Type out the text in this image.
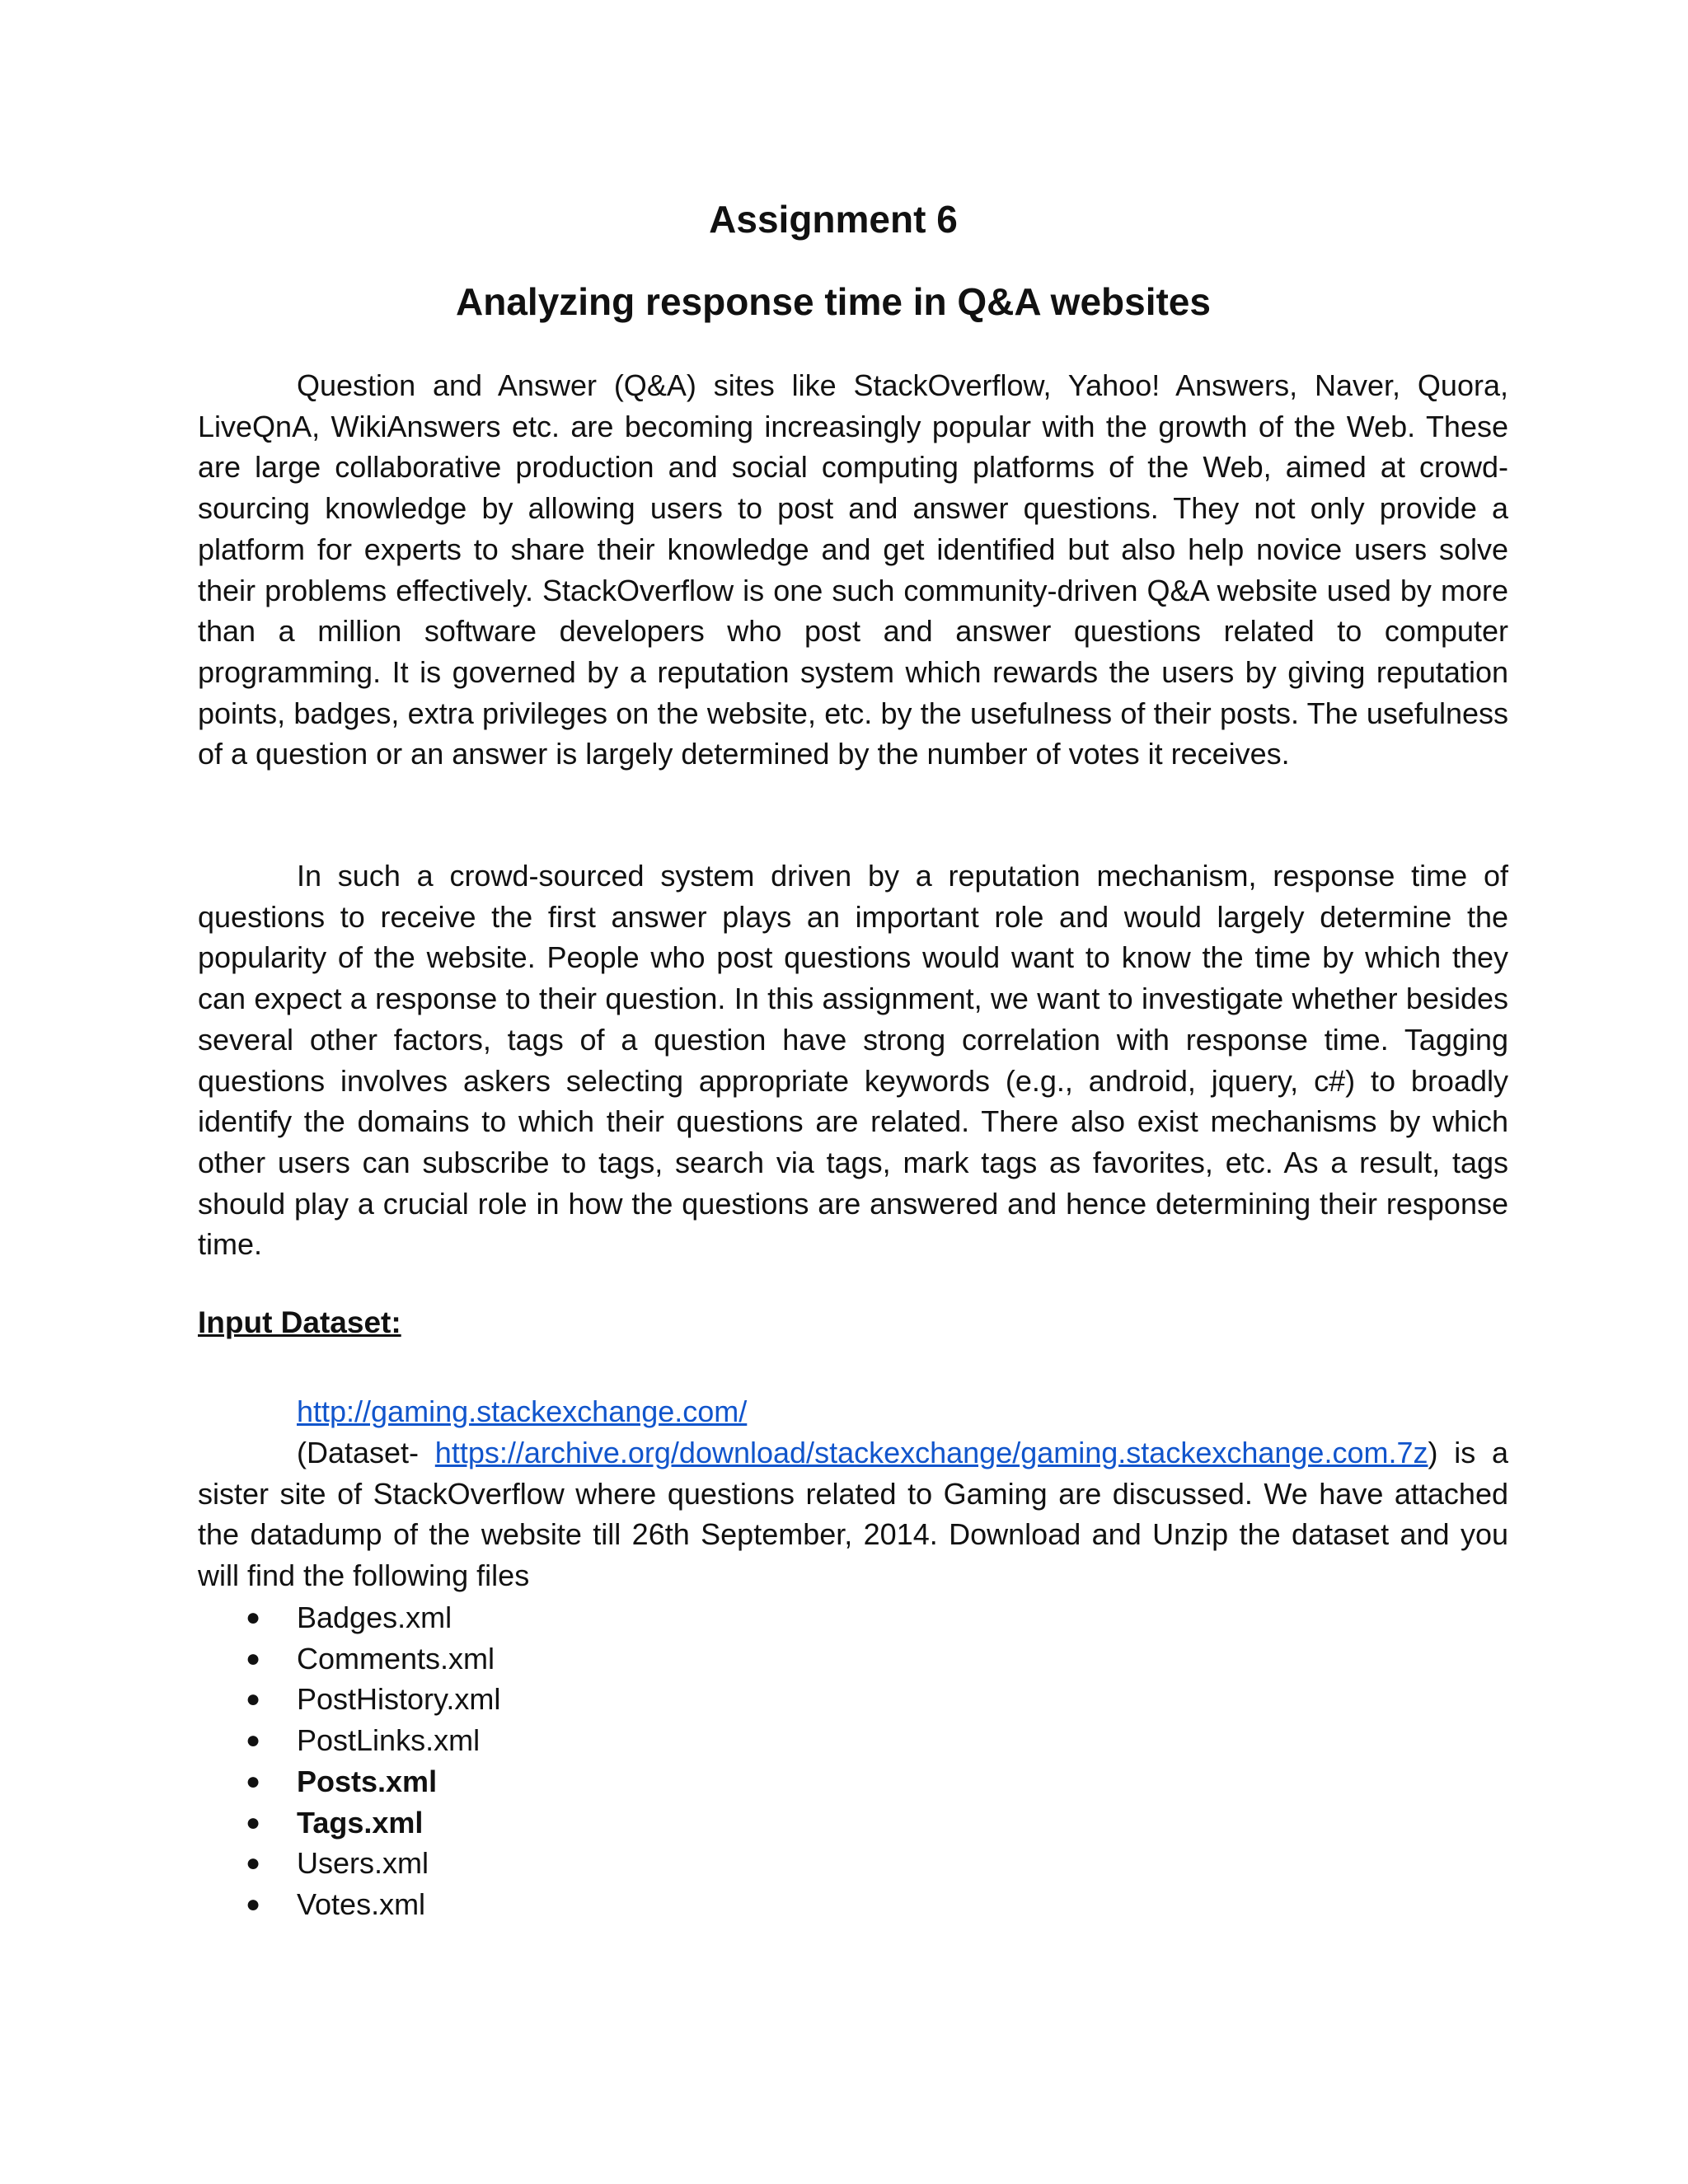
Assignment 6
Analyzing response time in Q&A websites

Question and Answer (Q&A) sites like StackOverflow, Yahoo! Answers, Naver, Quora, LiveQnA, WikiAnswers etc. are becoming increasingly popular with the growth of the Web. These are large collaborative production and social computing platforms of the Web, aimed at crowd-sourcing knowledge by allowing users to post and answer questions. They not only provide a platform for experts to share their knowledge and get identified but also help novice users solve their problems effectively. StackOverflow is one such community-driven Q&A website used by more than a million software developers who post and answer questions related to computer programming. It is governed by a reputation system which rewards the users by giving reputation points, badges, extra privileges on the website, etc. by the usefulness of their posts. The usefulness of a question or an answer is largely determined by the number of votes it receives.

In such a crowd-sourced system driven by a reputation mechanism, response time of questions to receive the first answer plays an important role and would largely determine the popularity of the website. People who post questions would want to know the time by which they can expect a response to their question. In this assignment, we want to investigate whether besides several other factors, tags of a question have strong correlation with response time. Tagging questions involves askers selecting appropriate keywords (e.g., android, jquery, c#) to broadly identify the domains to which their questions are related. There also exist mechanisms by which other users can subscribe to tags, search via tags, mark tags as favorites, etc. As a result, tags should play a crucial role in how the questions are answered and hence determining their response time.

Input Dataset:

http://gaming.stackexchange.com/

(Dataset- https://archive.org/download/stackexchange/gaming.stackexchange.com.7z) is a sister site of StackOverflow where questions related to Gaming are discussed. We have attached the datadump of the website till 26th September, 2014. Download and Unzip the dataset and you will find the following files

● Badges.xml
● Comments.xml
● PostHistory.xml
● PostLinks.xml
● Posts.xml
● Tags.xml
● Users.xml
● Votes.xml
